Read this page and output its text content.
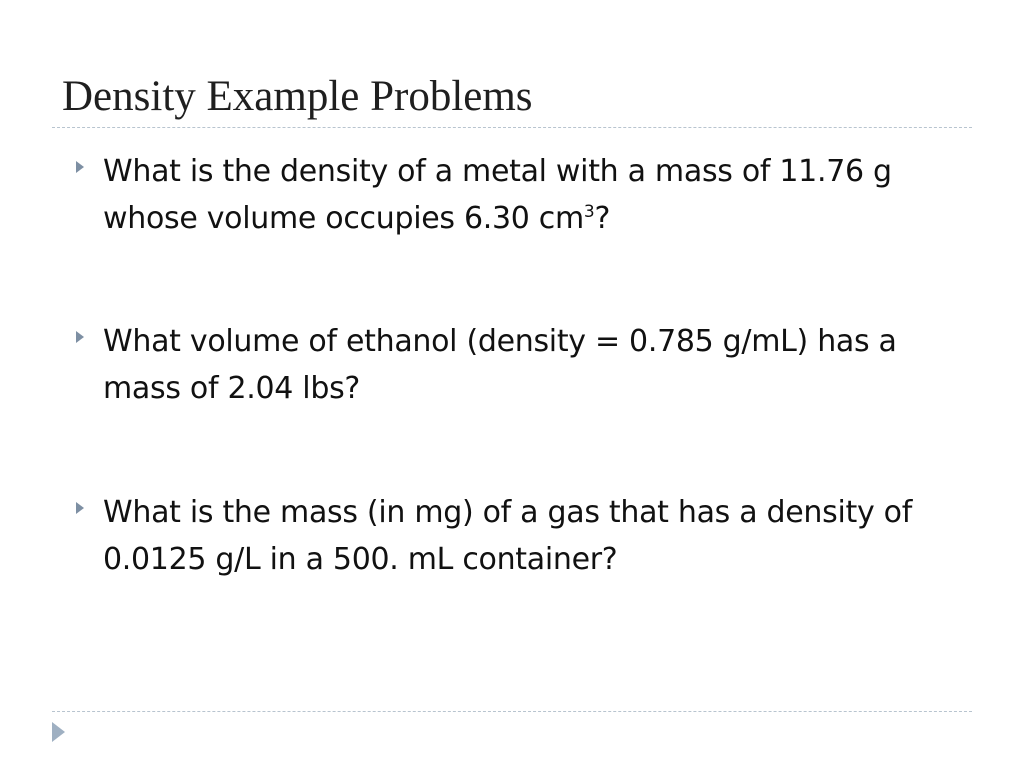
Density Example Problems
What is the density of a metal with a mass of 11.76 g whose volume occupies 6.30 $cm^3$?
What volume of ethanol (density = 0.785 g/mL) has a mass of 2.04 lbs?
What is the mass (in mg) of a gas that has a density of 0.0125 g/L in a 500. mL container?
